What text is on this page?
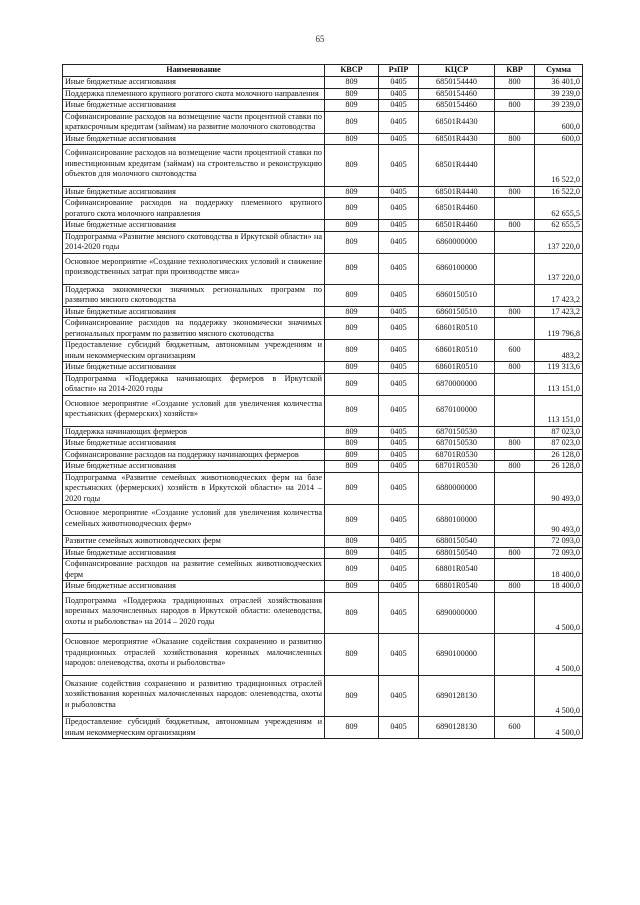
65
Наименование	КВСР	РзПР	КЦСР	КВР	Сумма
Иные бюджетные ассигнования	809	0405	6850154440	800	36 401,0
Поддержка племенного крупного рогатого скота молочного направления	809	0405	6850154460		39 239,0
Иные бюджетные ассигнования	809	0405	6850154460	800	39 239,0
Софинансирование расходов на возмещение части процентной ставки по краткосрочным кредитам (займам) на развитие молочного скотоводства	809	0405	68501R4430		600,0
Иные бюджетные ассигнования	809	0405	68501R4430	800	600,0
Софинансирование расходов на возмещение части процентной ставки по инвестиционным кредитам (займам) на строительство и реконструкцию объектов для молочного скотоводства	809	0405	68501R4440		16 522,0
Иные бюджетные ассигнования	809	0405	68501R4440	800	16 522,0
Софинансирование расходов на поддержку племенного крупного рогатого скота молочного направления	809	0405	68501R4460		62 655,5
Иные бюджетные ассигнования	809	0405	68501R4460	800	62 655,5
Подпрограмма «Развитие мясного скотоводства в Иркутской области» на 2014-2020 годы	809	0405	6860000000		137 220,0
Основное мероприятие «Создание технологических условий и снижение производственных затрат при производстве мяса»	809	0405	6860100000		137 220,0
Поддержка экономически значимых региональных программ по развитию мясного скотоводства	809	0405	6860150510		17 423,2
Иные бюджетные ассигнования	809	0405	6860150510	800	17 423,2
Софинансирование расходов на поддержку экономически значимых региональных программ по развитию мясного скотоводства	809	0405	68601R0510		119 796,8
Предоставление субсидий бюджетным, автономным учреждениям и иным некоммерческим организациям	809	0405	68601R0510	600	483,2
Иные бюджетные ассигнования	809	0405	68601R0510	800	119 313,6
Подпрограмма «Поддержка начинающих фермеров в Иркутской области» на 2014-2020 годы	809	0405	6870000000		113 151,0
Основное мероприятие «Создание условий для увеличения количества крестьянских (фермерских) хозяйств»	809	0405	6870100000		113 151,0
Поддержка начинающих фермеров	809	0405	6870150530		87 023,0
Иные бюджетные ассигнования	809	0405	6870150530	800	87 023,0
Софинансирование расходов на поддержку начинающих фермеров	809	0405	68701R0530		26 128,0
Иные бюджетные ассигнования	809	0405	68701R0530	800	26 128,0
Подпрограмма «Развитие семейных животноводческих ферм на базе крестьянских (фермерских) хозяйств в Иркутской области» на 2014 – 2020 годы	809	0405	6880000000		90 493,0
Основное мероприятие «Создание условий для увеличения количества семейных животноводческих ферм»	809	0405	6880100000		90 493,0
Развитие семейных животноводческих ферм	809	0405	6880150540		72 093,0
Иные бюджетные ассигнования	809	0405	6880150540	800	72 093,0
Софинансирование расходов на развитие семейных животноводческих ферм	809	0405	68801R0540		18 400,0
Иные бюджетные ассигнования	809	0405	68801R0540	800	18 400,0
Подпрограмма «Поддержка традиционных отраслей хозяйствования коренных малочисленных народов в Иркутской области: оленеводства, охоты и рыболовства» на 2014 – 2020 годы	809	0405	6890000000		4 500,0
Основное мероприятие «Оказание содействия сохранению и развитию традиционных отраслей хозяйствования коренных малочисленных народов: оленеводства, охоты и рыболовства»	809	0405	6890100000		4 500,0
Оказание содействия сохранению и развитию традиционных отраслей хозяйствования коренных малочисленных народов: оленеводства, охоты и рыболовства	809	0405	6890128130		4 500,0
Предоставление субсидий бюджетным, автономным учреждениям и иным некоммерческим организациям	809	0405	6890128130	600	4 500,0
